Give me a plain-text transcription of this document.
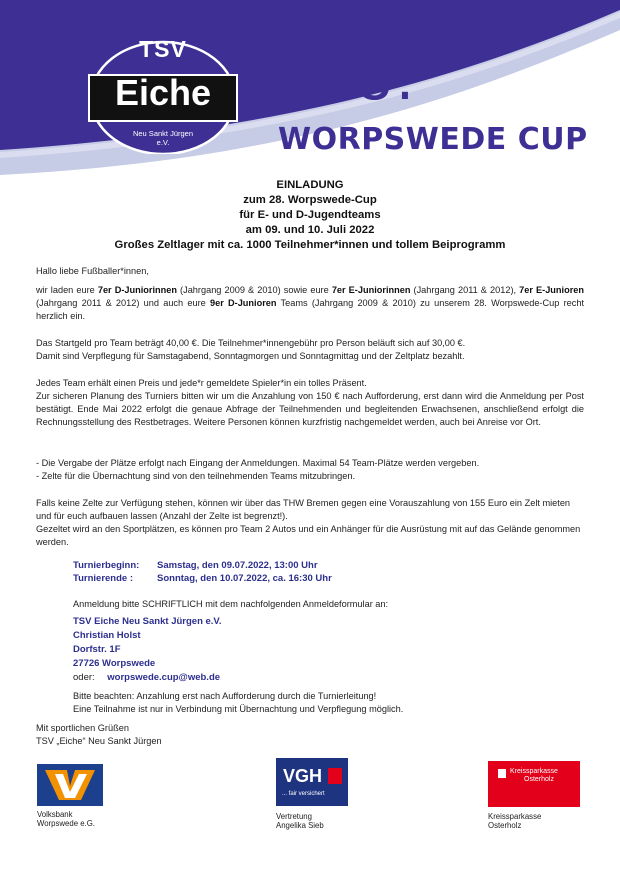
TSV
Eiche
Neu Sankt Jürgen
e.V.
28.
WORPSWEDE CUP
EINLADUNG
zum 28. Worpswede-Cup
für E- und D-Jugendteams
am 09. und 10. Juli 2022
Großes Zeltlager mit ca. 1000 Teilnehmer*innen und tollem Beiprogramm

Hallo liebe Fußballer*innen,

wir laden eure 7er D-Juniorinnen (Jahrgang 2009 & 2010) sowie eure 7er E-Juniorinnen (Jahrgang 2011 & 2012), 7er E-Junioren (Jahrgang 2011 & 2012) und auch eure 9er D-Junioren Teams (Jahrgang 2009 & 2010) zu unserem 28. Worpswede-Cup recht herzlich ein.

Das Startgeld pro Team beträgt 40,00 €. Die Teilnehmer*innengebühr pro Person beläuft sich auf 30,00 €.
Damit sind Verpflegung für Samstagabend, Sonntagmorgen und Sonntagmittag und der Zeltplatz bezahlt.
Jedes Team erhält einen Preis und jede*r gemeldete Spieler*in ein tolles Präsent.
Zur sicheren Planung des Turniers bitten wir um die Anzahlung von 150 € nach Aufforderung, erst dann wird die Anmeldung per Post bestätigt. Ende Mai 2022 erfolgt die genaue Abfrage der Teilnehmenden und begleitenden Erwachsenen, anschließend erfolgt die Rechnungsstellung des Restbetrages. Weitere Personen können kurzfristig nachgemeldet werden, auch bei Anreise vor Ort.
- Die Vergabe der Plätze erfolgt nach Eingang der Anmeldungen. Maximal 54 Team-Plätze werden vergeben.
- Zelte für die Übernachtung sind von den teilnehmenden Teams mitzubringen.
Falls keine Zelte zur Verfügung stehen, können wir über das THW Bremen gegen eine Vorauszahlung von 155 Euro ein Zelt mieten und für euch aufbauen lassen (Anzahl der Zelte ist begrenzt!).
Gezeltet wird an den Sportplätzen, es können pro Team 2 Autos und ein Anhänger für die Ausrüstung mit auf das Gelände genommen werden.
Turnierbeginn: Samstag, den 09.07.2022, 13:00 Uhr
Turnierende :	Sonntag, den 10.07.2022, ca. 16:30 Uhr
Anmeldung bitte SCHRIFTLICH mit dem nachfolgenden Anmeldeformular an:
TSV Eiche Neu Sankt Jürgen e.V.
Christian Holst
Dorfstr. 1F
27726 Worpswede
oder: worpswede.cup@web.de
Bitte beachten: Anzahlung erst nach Aufforderung durch die Turnierleitung!
Eine Teilnahme ist nur in Verbindung mit Übernachtung und Verpflegung möglich.
Mit sportlichen Grüßen
TSV „Eiche“ Neu Sankt Jürgen
Volksbank
Worpswede e.G.
VGH
... fair versichert
Vertretung
Angelika Sieb
Kreissparkasse
Osterholz
Kreissparkasse
Osterholz
